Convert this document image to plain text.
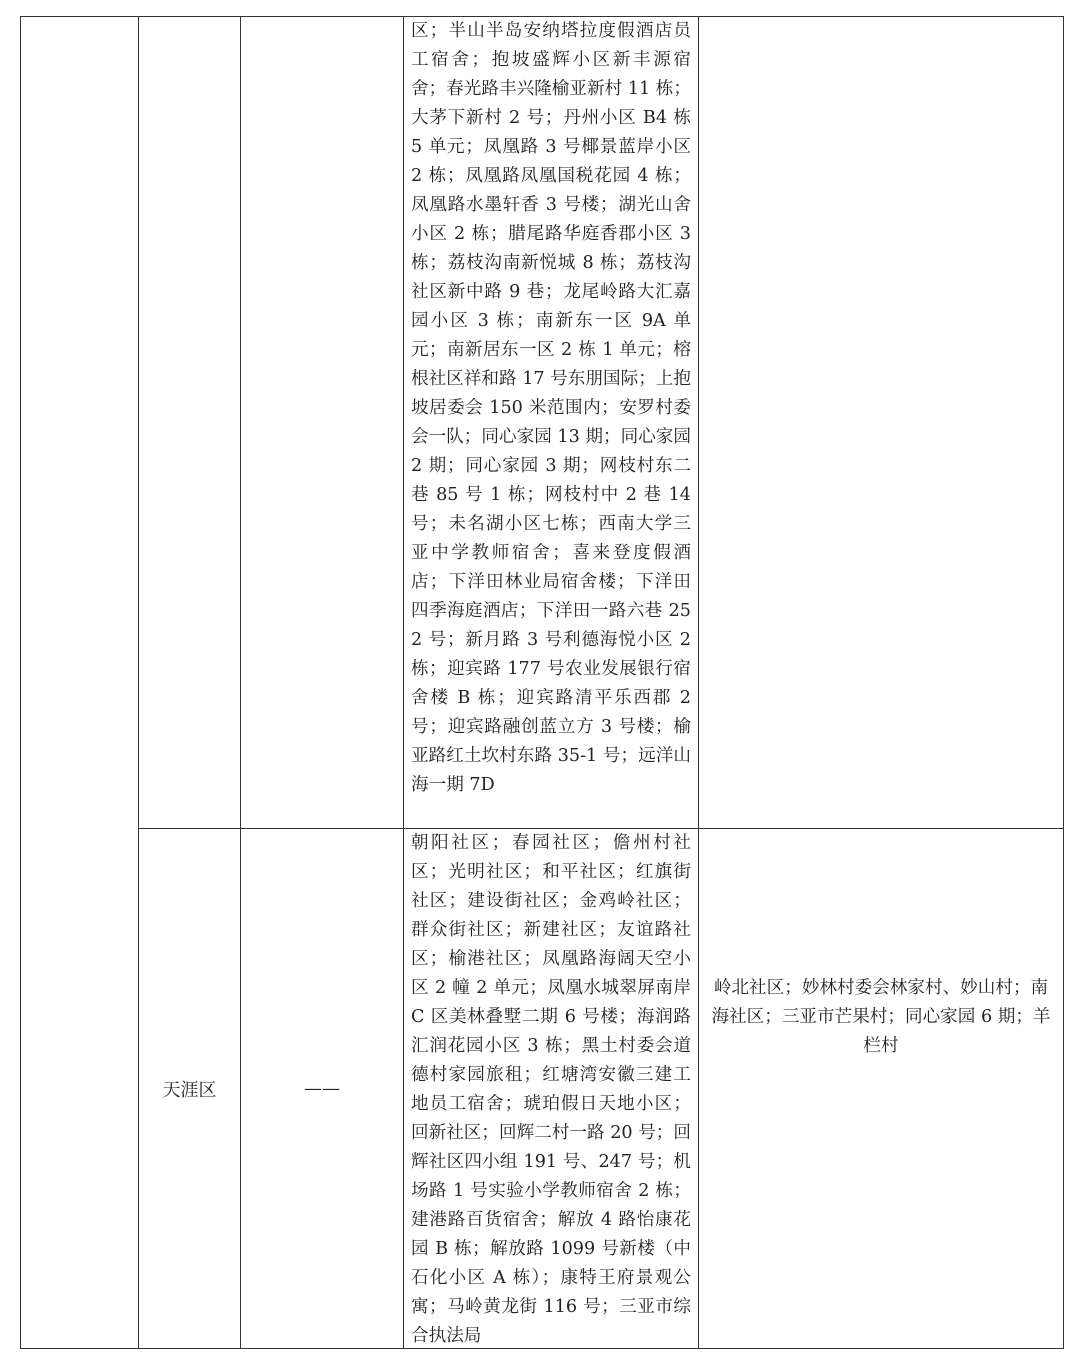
区；半山半岛安纳塔拉度假酒店员工宿舍；抱坡盛辉小区新丰源宿舍；春光路丰兴隆榆亚新村 11 栋；大茅下新村 2 号；丹州小区 B4 栋 5 单元；凤凰路 3 号椰景蓝岸小区 2 栋；凤凰路凤凰国税花园 4 栋；凤凰路水墨轩香 3 号楼；湖光山舍小区 2 栋；腊尾路华庭香郡小区 3 栋；荔枝沟南新悦城 8 栋；荔枝沟社区新中路 9 巷；龙尾岭路大汇嘉园小区 3 栋；南新东一区 9A 单元；南新居东一区 2 栋 1 单元；榕根社区祥和路 17 号东朋国际；上抱坡居委会 150 米范围内；安罗村委会一队；同心家园 13 期；同心家园 2 期；同心家园 3 期；网枝村东二巷 85 号 1 栋；网枝村中 2 巷 14 号；未名湖小区七栋；西南大学三亚中学教师宿舍；喜来登度假酒店；下洋田林业局宿舍楼；下洋田四季海庭酒店；下洋田一路六巷 252 号；新月路 3 号利德海悦小区 2 栋；迎宾路 177 号农业发展银行宿舍楼 B 栋；迎宾路清平乐西郡 2 号；迎宾路融创蓝立方 3 号楼；榆亚路红土坎村东路 35-1 号；远洋山海一期 7D
天涯区	——
朝阳社区；春园社区；儋州村社区；光明社区；和平社区；红旗街社区；建设街社区；金鸡岭社区；群众街社区；新建社区；友谊路社区；榆港社区；凤凰路海阔天空小区 2 幢 2 单元；凤凰水城翠屏南岸 C 区美林叠墅二期 6 号楼；海润路汇润花园小区 3 栋；黑土村委会道德村家园旅租；红塘湾安徽三建工地员工宿舍；琥珀假日天地小区；回新社区；回辉二村一路 20 号；回辉社区四小组 191 号、247 号；机场路 1 号实验小学教师宿舍 2 栋；建港路百货宿舍；解放 4 路怡康花园 B 栋；解放路 1099 号新楼（中石化小区 A 栋）；康特王府景观公寓；马岭黄龙街 116 号；三亚市综合执法局
岭北社区；妙林村委会林家村、妙山村；南海社区；三亚市芒果村；同心家园 6 期；羊栏村
